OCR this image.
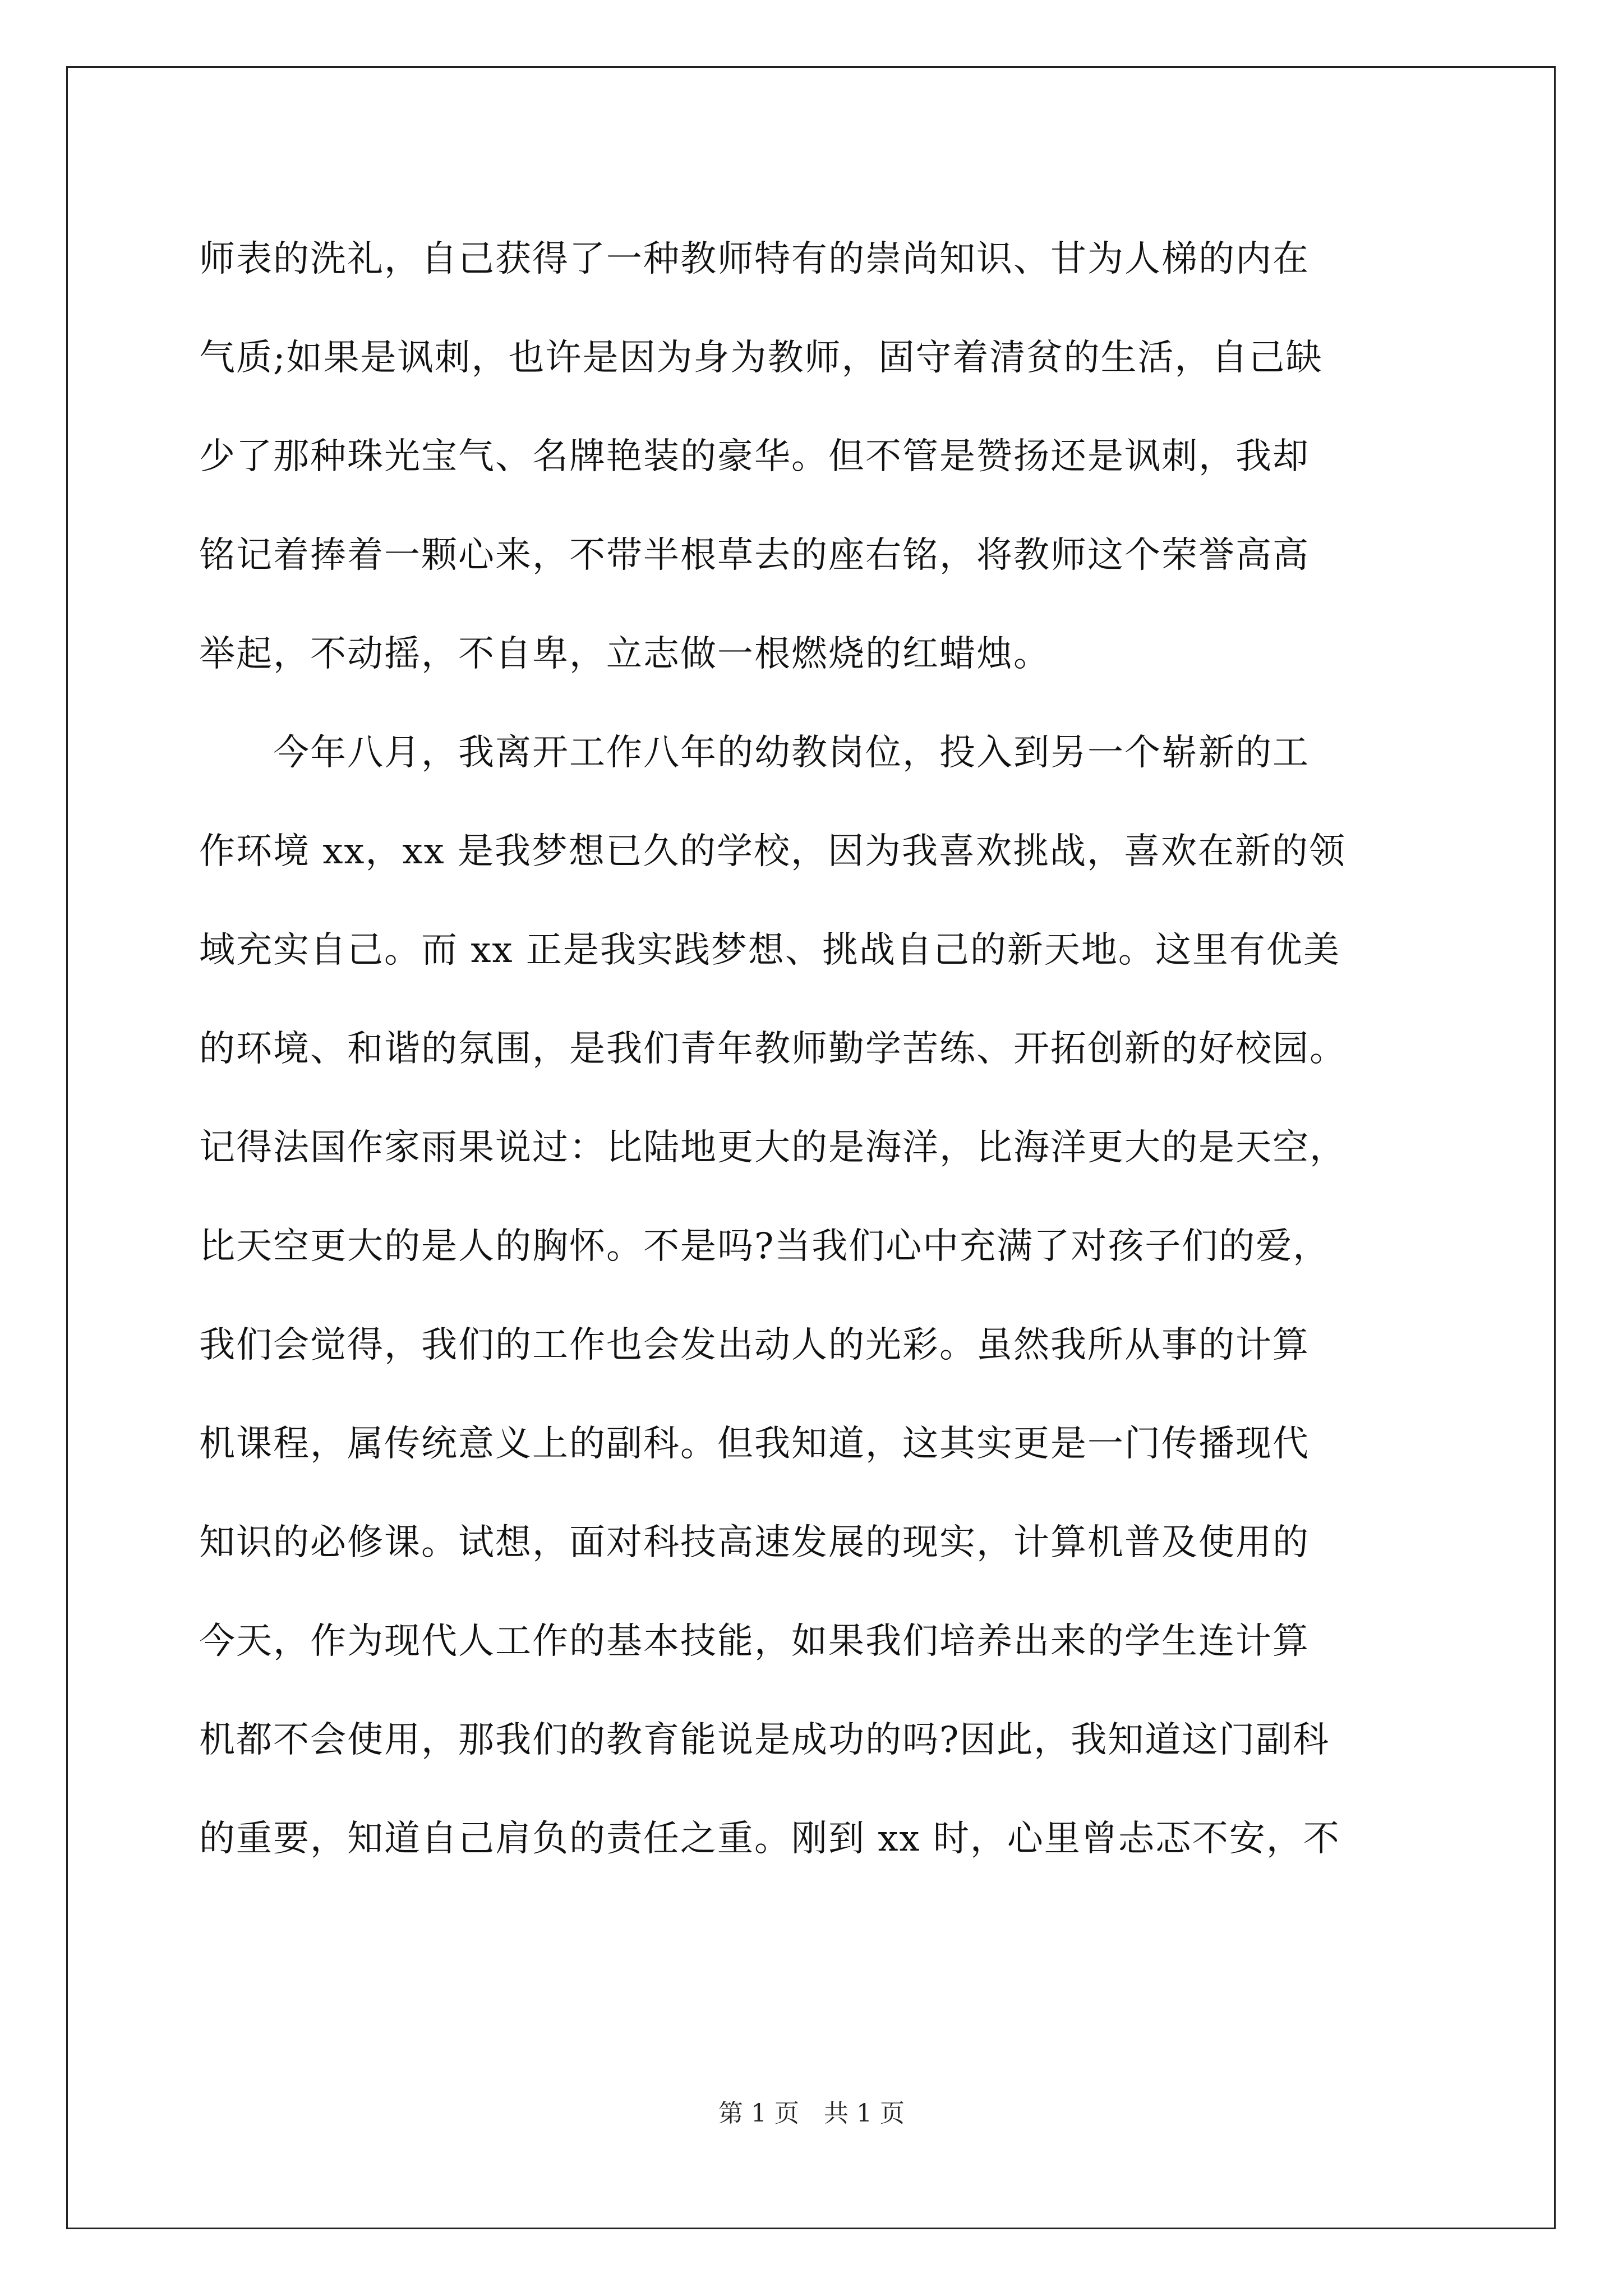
师表的洗礼，自己获得了一种教师特有的崇尚知识、甘为人梯的内在
气质;如果是讽刺，也许是因为身为教师，固守着清贫的生活，自己缺
少了那种珠光宝气、名牌艳装的豪华。但不管是赞扬还是讽刺，我却
铭记着捧着一颗心来，不带半根草去的座右铭，将教师这个荣誉高高
举起，不动摇，不自卑，立志做一根燃烧的红蜡烛。
　　今年八月，我离开工作八年的幼教岗位，投入到另一个崭新的工
作环境 xx，xx 是我梦想已久的学校，因为我喜欢挑战，喜欢在新的领
域充实自己。而 xx 正是我实践梦想、挑战自己的新天地。这里有优美
的环境、和谐的氛围，是我们青年教师勤学苦练、开拓创新的好校园。
记得法国作家雨果说过：比陆地更大的是海洋，比海洋更大的是天空，
比天空更大的是人的胸怀。不是吗?当我们心中充满了对孩子们的爱，
我们会觉得，我们的工作也会发出动人的光彩。虽然我所从事的计算
机课程，属传统意义上的副科。但我知道，这其实更是一门传播现代
知识的必修课。试想，面对科技高速发展的现实，计算机普及使用的
今天，作为现代人工作的基本技能，如果我们培养出来的学生连计算
机都不会使用，那我们的教育能说是成功的吗?因此，我知道这门副科
的重要，知道自己肩负的责任之重。刚到 xx 时，心里曾忐忑不安，不
第 1 页　共 1 页
